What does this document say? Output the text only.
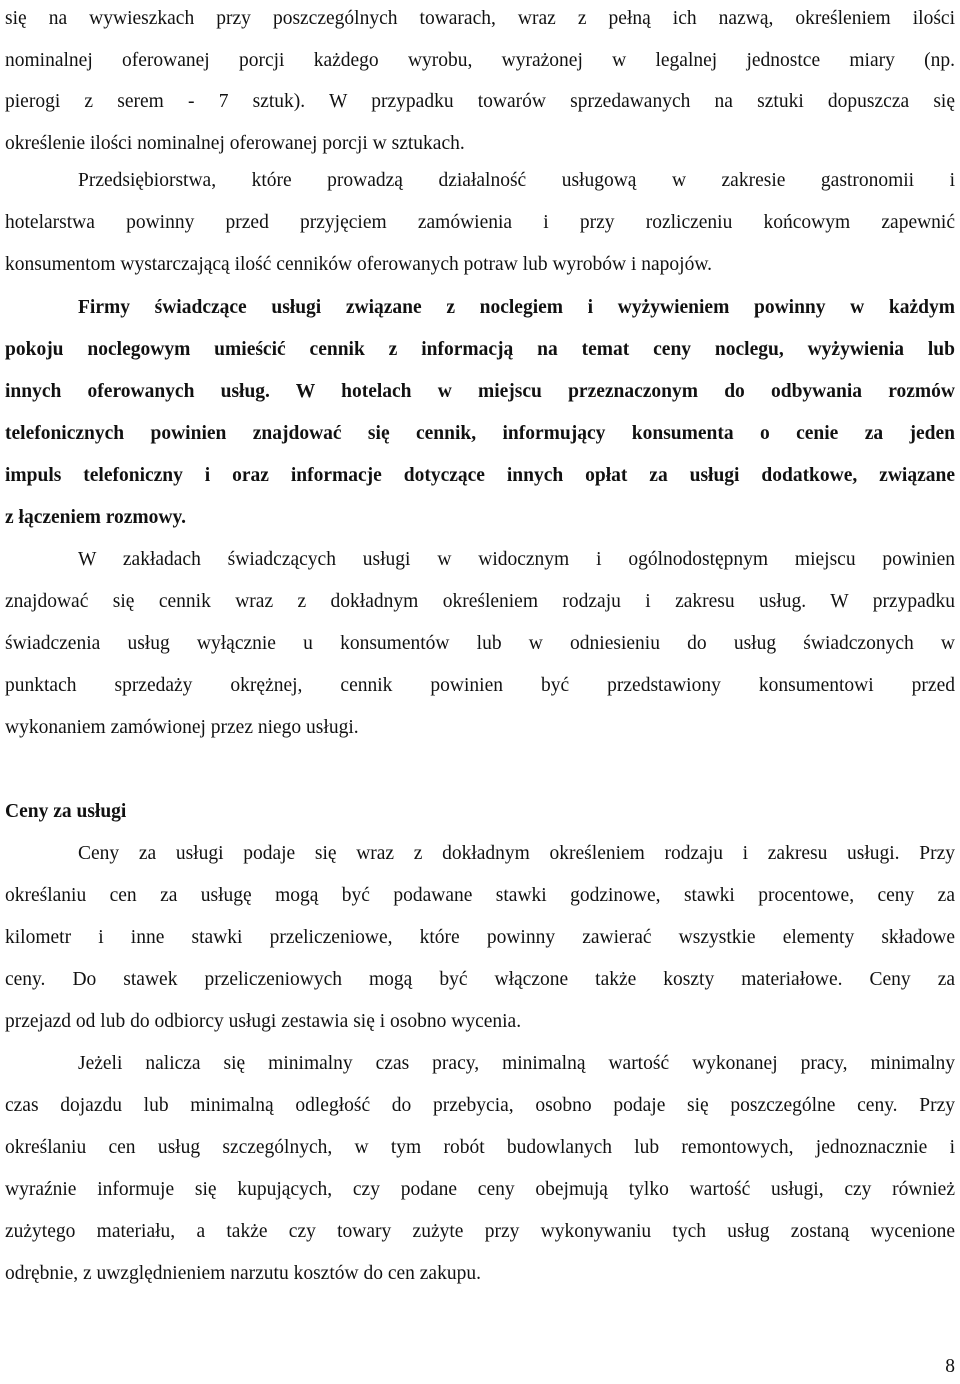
się na wywieszkach przy poszczególnych towarach, wraz z pełną ich nazwą, określeniem ilości
nominalnej oferowanej porcji każdego wyrobu, wyrażonej w legalnej jednostce miary (np.
pierogi z serem - 7 sztuk). W przypadku towarów sprzedawanych na sztuki dopuszcza się
określenie ilości nominalnej oferowanej porcji w sztukach.
Przedsiębiorstwa, które prowadzą działalność usługową w zakresie gastronomii i
hotelarstwa powinny przed przyjęciem zamówienia i przy rozliczeniu końcowym zapewnić
konsumentom wystarczającą ilość cenników oferowanych potraw lub wyrobów i napojów.
Firmy świadczące usługi związane z noclegiem i wyżywieniem powinny w każdym
pokoju noclegowym umieścić cennik z informacją na temat ceny noclegu, wyżywienia lub
innych oferowanych usług. W hotelach w miejscu przeznaczonym do odbywania rozmów
telefonicznych powinien znajdować się cennik, informujący konsumenta o cenie za jeden
impuls telefoniczny i oraz informacje dotyczące innych opłat za usługi dodatkowe, związane
z łączeniem rozmowy.
W zakładach świadczących usługi w widocznym i ogólnodostępnym miejscu powinien
znajdować się cennik wraz z dokładnym określeniem rodzaju i zakresu usług. W przypadku
świadczenia usług wyłącznie u konsumentów lub w odniesieniu do usług świadczonych w
punktach sprzedaży okrężnej, cennik powinien być przedstawiony konsumentowi przed
wykonaniem zamówionej przez niego usługi.
Ceny za usługi
Ceny za usługi podaje się wraz z dokładnym określeniem rodzaju i zakresu usługi. Przy
określaniu cen za usługę mogą być podawane stawki godzinowe, stawki procentowe, ceny za
kilometr i inne stawki przeliczeniowe, które powinny zawierać wszystkie elementy składowe
ceny. Do stawek przeliczeniowych mogą być włączone także koszty materiałowe. Ceny za
przejazd od lub do odbiorcy usługi zestawia się i osobno wycenia.
Jeżeli nalicza się minimalny czas pracy, minimalną wartość wykonanej pracy, minimalny
czas dojazdu lub minimalną odległość do przebycia, osobno podaje się poszczególne ceny. Przy
określaniu cen usług szczególnych, w tym robót budowlanych lub remontowych, jednoznacznie i
wyraźnie informuje się kupujących, czy podane ceny obejmują tylko wartość usługi, czy również
zużytego materiału, a także czy towary zużyte przy wykonywaniu tych usług zostaną wycenione
odrębnie, z uwzględnieniem narzutu kosztów do cen zakupu.
8
